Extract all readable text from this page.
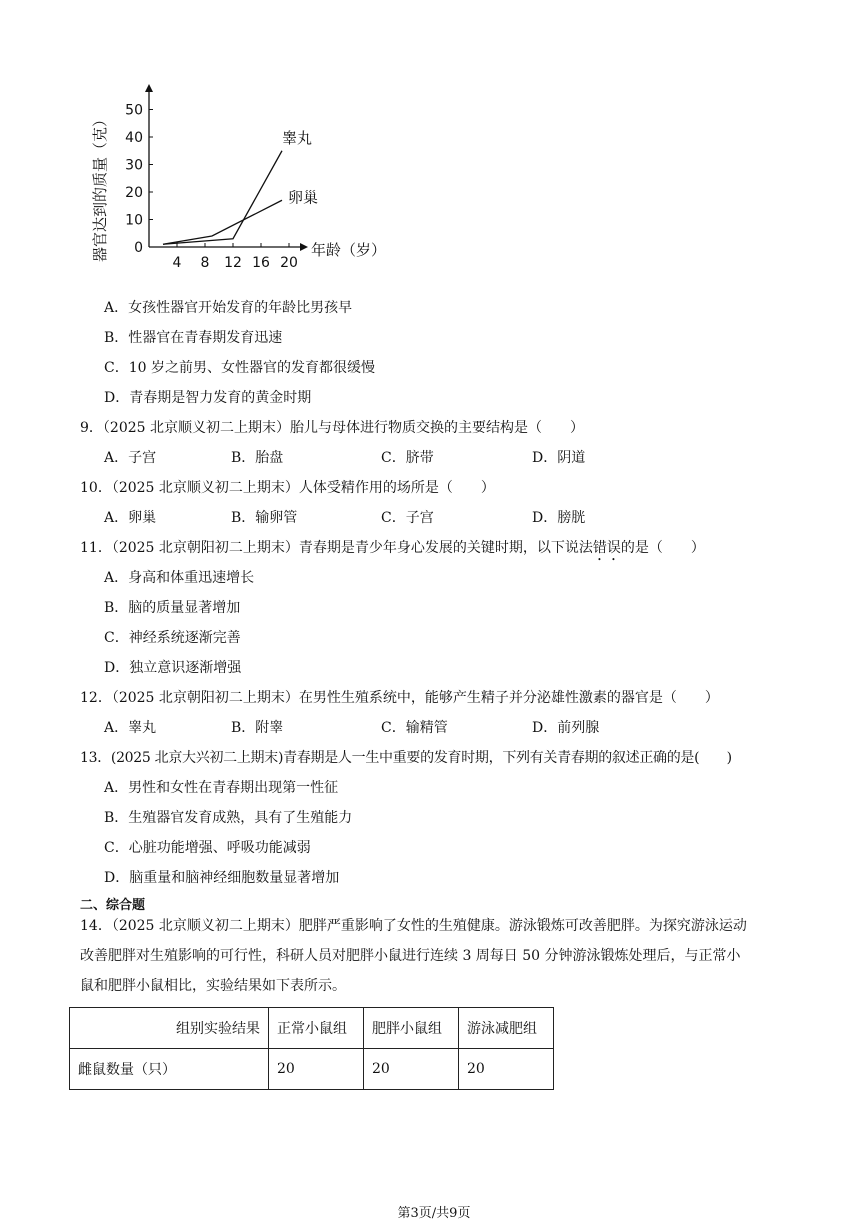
0
10
20
30
40
50
4 8 12 16 20
年龄（岁）
器官达到的质量（克）	睾丸
卵巢
A．女孩性器官开始发育的年龄比男孩早
B．性器官在青春期发育迅速
C．10 岁之前男、女性器官的发育都很缓慢
D．青春期是智力发育的黄金时期
9．（2025 北京顺义初二上期末）胎儿与母体进行物质交换的主要结构是（　　）
A．子宫	B．胎盘	C．脐带	D．阴道
10．（2025 北京顺义初二上期末）人体受精作用的场所是（　　）
A．卵巢	B．输卵管	C．子宫	D．膀胱
11．（2025 北京朝阳初二上期末）青春期是青少年身心发展的关键时期，以下说法错误的是（　　）
A．身高和体重迅速增长
B．脑的质量显著增加
C．神经系统逐渐完善
D．独立意识逐渐增强
12．（2025 北京朝阳初二上期末）在男性生殖系统中，能够产生精子并分泌雄性激素的器官是（　　）
A．睾丸	B．附睾	C．输精管	D．前列腺
13．(2025 北京大兴初二上期末)青春期是人一生中重要的发育时期，下列有关青春期的叙述正确的是(　　)
A．男性和女性在青春期出现第一性征
B．生殖器官发育成熟，具有了生殖能力
C．心脏功能增强、呼吸功能减弱
D．脑重量和脑神经细胞数量显著增加
二、综合题
14．（2025 北京顺义初二上期末）肥胖严重影响了女性的生殖健康。游泳锻炼可改善肥胖。为探究游泳运动
改善肥胖对生殖影响的可行性，科研人员对肥胖小鼠进行连续 3 周每日 50 分钟游泳锻炼处理后，与正常小
鼠和肥胖小鼠相比，实验结果如下表所示。
组别实验结果	正常小鼠组	肥胖小鼠组	游泳减肥组
雌鼠数量（只）	20	20	20
第3页/共9页
